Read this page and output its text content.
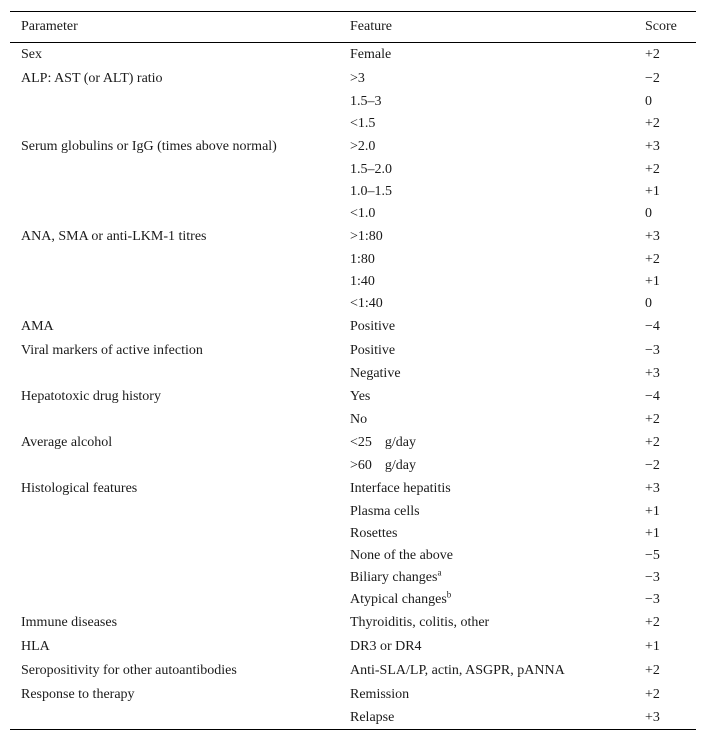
Parameter	Feature	Score
Sex	Female	+2
ALP: AST (or ALT) ratio	>3	−2
	1.5–3	0
	<1.5	+2
Serum globulins or IgG (times above normal)	>2.0	+3
	1.5–2.0	+2
	1.0–1.5	+1
	<1.0	0
ANA, SMA or anti-LKM-1 titres	>1:80	+3
	1:80	+2
	1:40	+1
	<1:40	0
AMA	Positive	−4
Viral markers of active infection	Positive	−3
	Negative	+3
Hepatotoxic drug history	Yes	−4
	No	+2
Average alcohol	<25 g/day	+2
	>60 g/day	−2
Histological features	Interface hepatitis	+3
	Plasma cells	+1
	Rosettes	+1
	None of the above	−5
	Biliary changes$^a$	−3
	Atypical changes$^b$	−3
Immune diseases	Thyroiditis, colitis, other	+2
HLA	DR3 or DR4	+1
Seropositivity for other autoantibodies	Anti-SLA/LP, actin, ASGPR, pANNA	+2
Response to therapy	Remission	+2
	Relapse	+3
